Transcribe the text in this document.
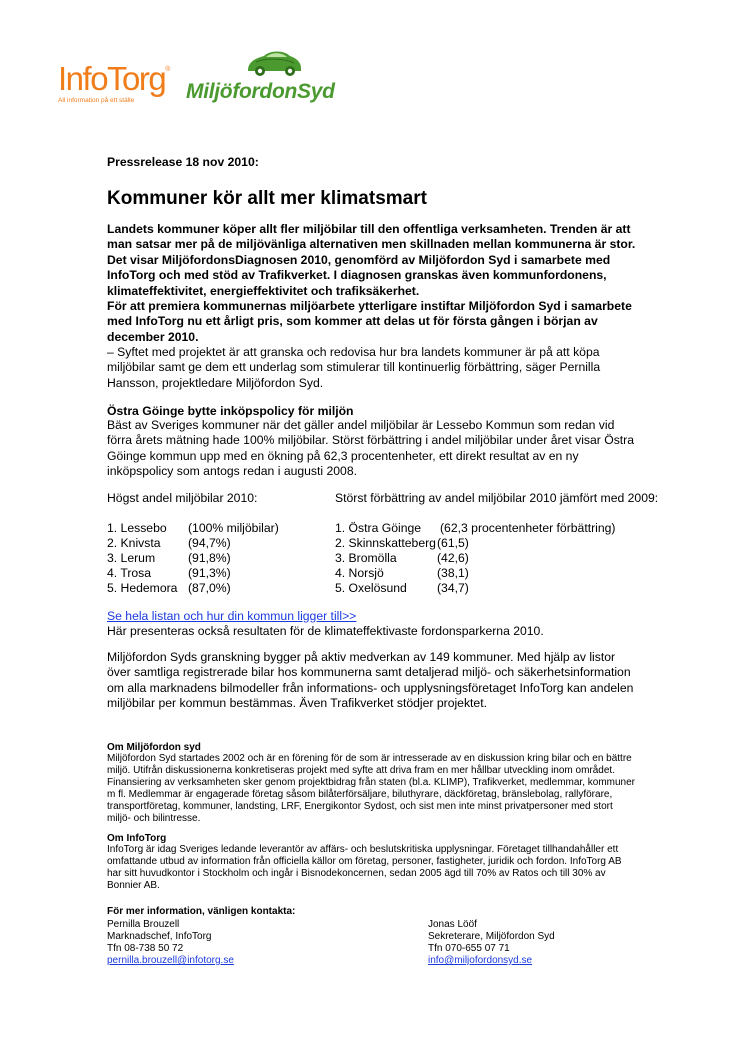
InfoTorg®
All information på ett ställe	MiljöfordonSyd
Pressrelease 18 nov 2010:
Kommuner kör allt mer klimatsmart

Landets kommuner köper allt fler miljöbilar till den offentliga verksamheten. Trenden är att man satsar mer på de miljövänliga alternativen men skillnaden mellan kommunerna är stor. Det visar MiljöfordonsDiagnosen 2010, genomförd av Miljöfordon Syd i samarbete med InfoTorg och med stöd av Trafikverket. I diagnosen granskas även kommunfordonens, klimateffektivitet, energieffektivitet och trafiksäkerhet.

För att premiera kommunernas miljöarbete ytterligare instiftar Miljöfordon Syd i samarbete med InfoTorg nu ett årligt pris, som kommer att delas ut för första gången i början av december 2010.

– Syftet med projektet är att granska och redovisa hur bra landets kommuner är på att köpa miljöbilar samt ge dem ett underlag som stimulerar till kontinuerlig förbättring, säger Pernilla Hansson, projektledare Miljöfordon Syd.
Östra Göinge bytte inköpspolicy för miljön
Bäst av Sveriges kommuner när det gäller andel miljöbilar är Lessebo Kommun som redan vid förra årets mätning hade 100% miljöbilar. Störst förbättring i andel miljöbilar under året visar Östra Göinge kommun upp med en ökning på 62,3 procentenheter, ett direkt resultat av en ny inköpspolicy som antogs redan i augusti 2008.
Högst andel miljöbilar 2010:	Störst förbättring av andel miljöbilar 2010 jämfört med 2009:
1. Lessebo (100% miljöbilar)
2. Knivsta (94,7%)
3. Lerum	(91,8%)
4. Trosa	(91,3%)
5. Hedemora (87,0%)
1. Östra Göinge (62,3 procentenheter förbättring)
2. Skinnskatteberg (61,5)
3. Bromölla	(42,6)
4. Norsjö	(38,1)
5. Oxelösund (34,7)
Se hela listan och hur din kommun ligger till>>
Här presenteras också resultaten för de klimateffektivaste fordonsparkerna 2010.
Miljöfordon Syds granskning bygger på aktiv medverkan av 149 kommuner. Med hjälp av listor över samtliga registrerade bilar hos kommunerna samt detaljerad miljö- och säkerhetsinformation om alla marknadens bilmodeller från informations- och upplysningsföretaget InfoTorg kan andelen miljöbilar per kommun bestämmas. Även Trafikverket stödjer projektet.
Om Miljöfordon syd
Miljöfordon Syd startades 2002 och är en förening för de som är intresserade av en diskussion kring bilar och en bättre miljö. Utifrån diskussionerna konkretiseras projekt med syfte att driva fram en mer hållbar utveckling inom området. Finansiering av verksamheten sker genom projektbidrag från staten (bl.a. KLIMP), Trafikverket, medlemmar, kommuner m fl. Medlemmar är engagerade företag såsom bilåterförsäljare, biluthyrare, däckföretag, bränslebolag, rallyförare, transportföretag, kommuner, landsting, LRF, Energikontor Sydost, och sist men inte minst privatpersoner med stort miljö- och bilintresse.
Om InfoTorg
InfoTorg är idag Sveriges ledande leverantör av affärs- och beslutskritiska upplysningar. Företaget tillhandahåller ett omfattande utbud av information från officiella källor om företag, personer, fastigheter, juridik och fordon. InfoTorg AB har sitt huvudkontor i Stockholm och ingår i Bisnodekoncernen, sedan 2005 ägd till 70% av Ratos och till 30% av Bonnier AB.
För mer information, vänligen kontakta:
Pernilla Brouzell
Marknadschef, InfoTorg
Tfn 08-738 50 72
pernilla.brouzell@infotorg.se
Jonas Lööf
Sekreterare, Miljöfordon Syd
Tfn 070-655 07 71
info@miljofordonsyd.se
